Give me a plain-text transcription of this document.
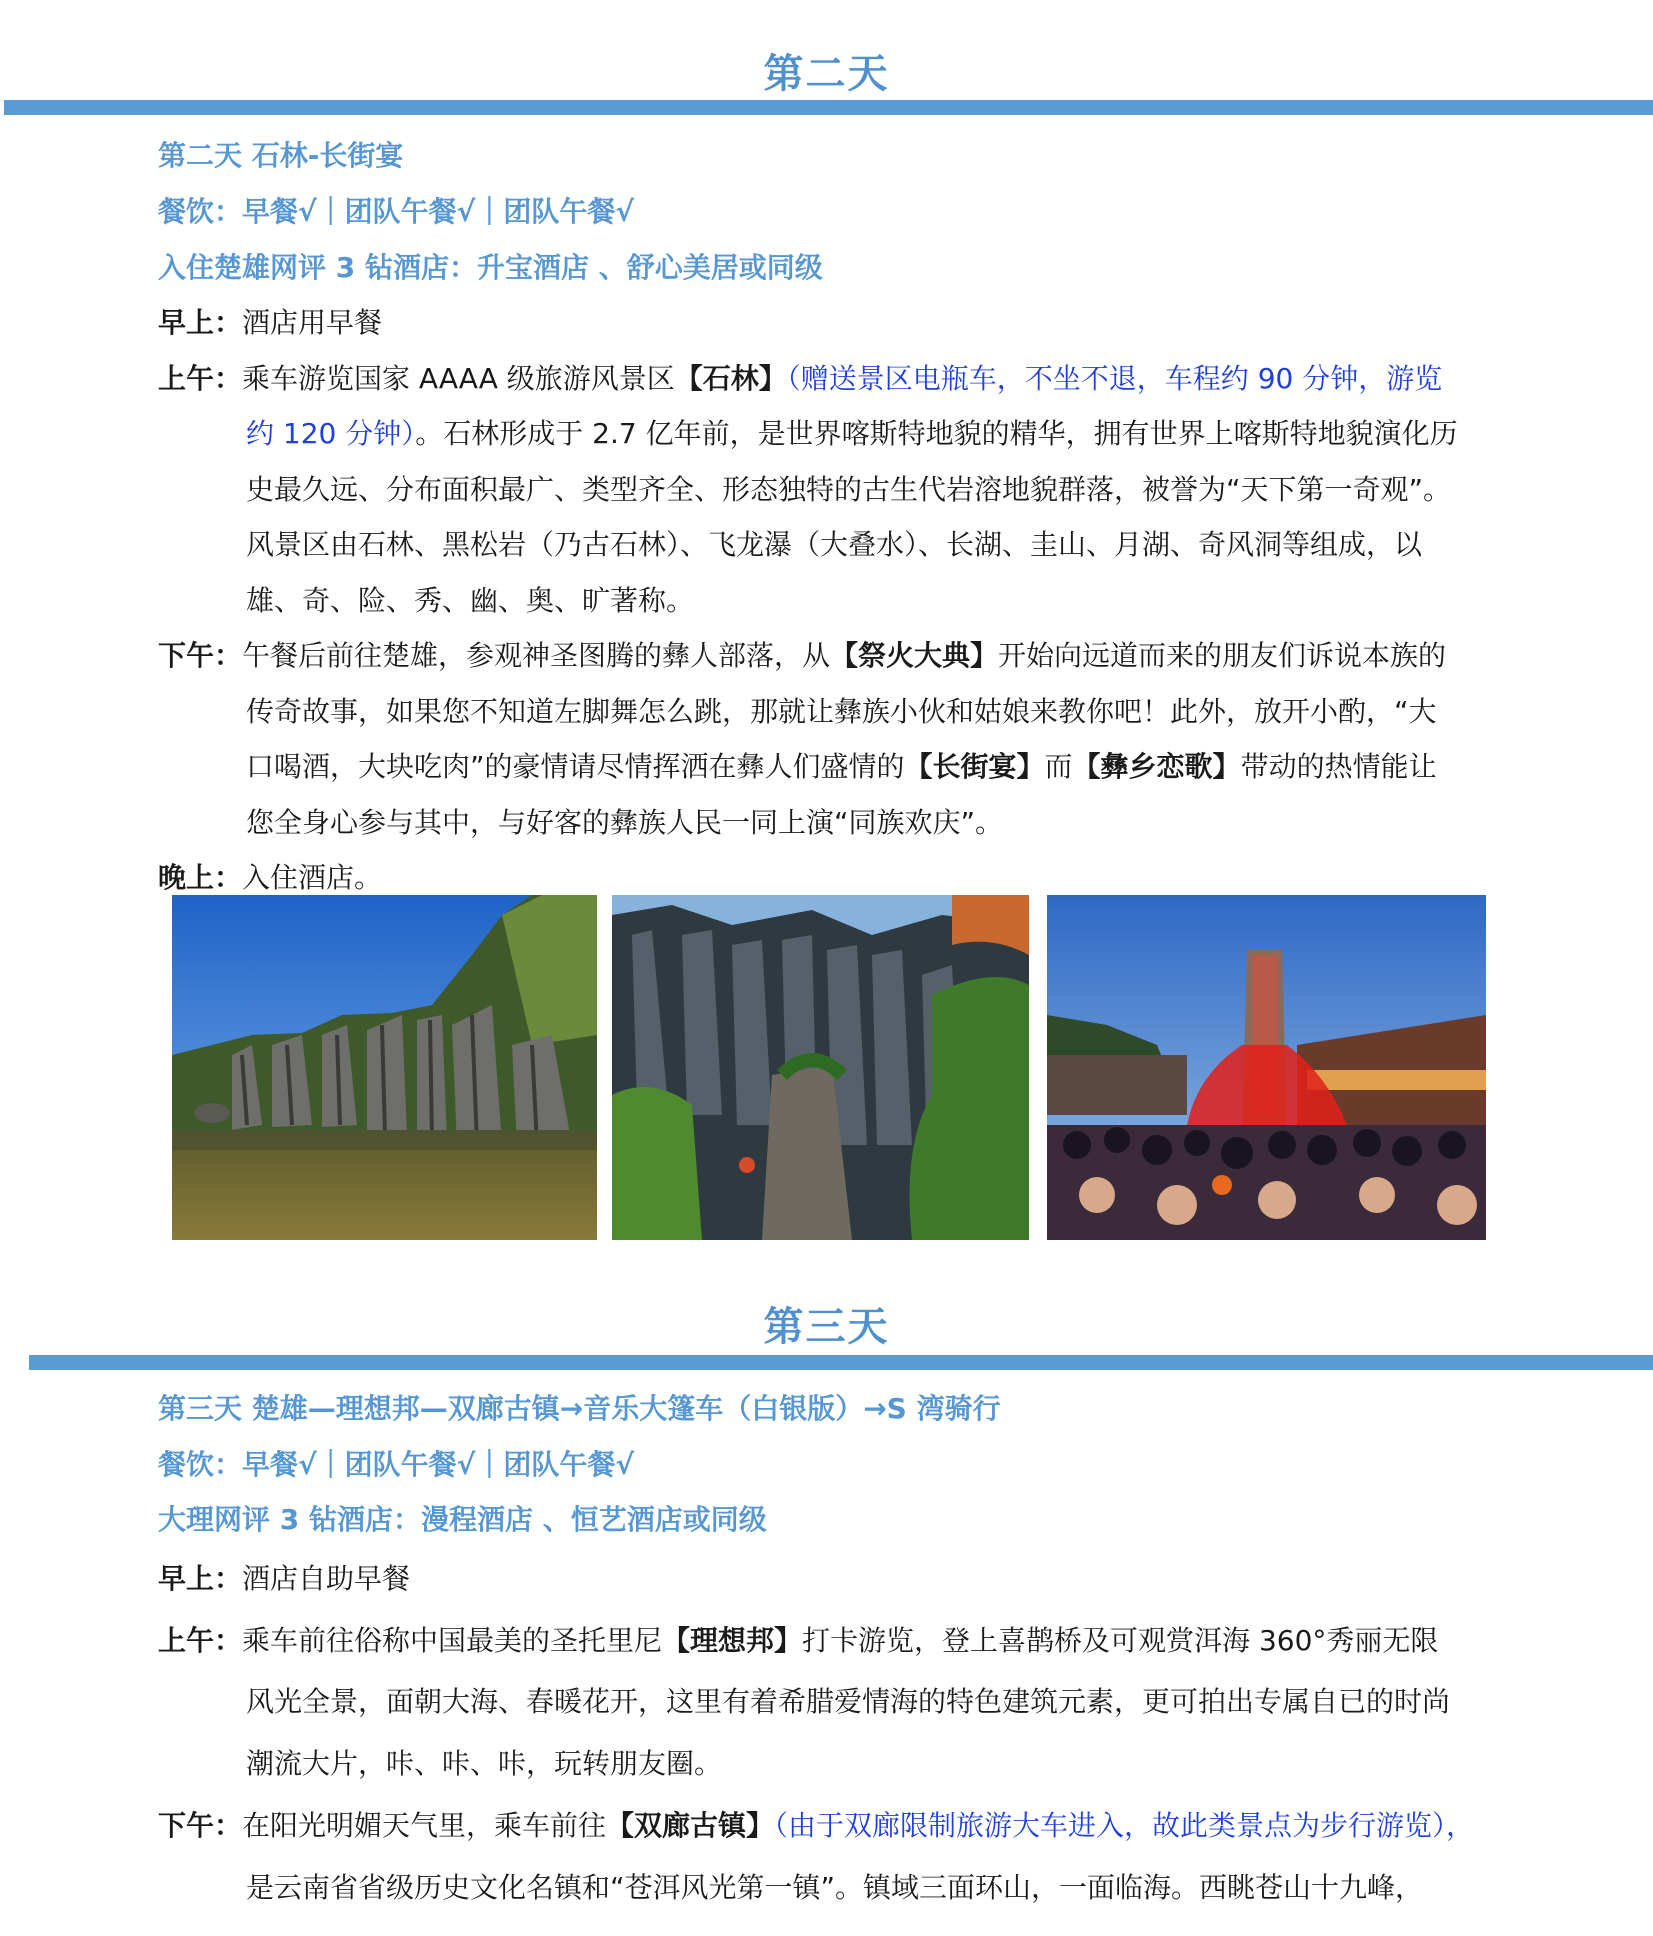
第二天
第二天 石林-长街宴
餐饮：早餐√｜团队午餐√｜团队午餐√
入住楚雄网评 3 钻酒店：升宝酒店 、舒心美居或同级
早上：酒店用早餐
上午：乘车游览国家 AAAA 级旅游风景区【石林】（赠送景区电瓶车，不坐不退，车程约 90 分钟，游览
约 120 分钟）。石林形成于 2.7 亿年前，是世界喀斯特地貌的精华，拥有世界上喀斯特地貌演化历
史最久远、分布面积最广、类型齐全、形态独特的古生代岩溶地貌群落，被誉为“天下第一奇观”。
风景区由石林、黑松岩（乃古石林）、飞龙瀑（大叠水）、长湖、圭山、月湖、奇风洞等组成，以
雄、奇、险、秀、幽、奥、旷著称。
下午：午餐后前往楚雄，参观神圣图腾的彝人部落，从【祭火大典】开始向远道而来的朋友们诉说本族的
传奇故事，如果您不知道左脚舞怎么跳，那就让彝族小伙和姑娘来教你吧！此外，放开小酌，“大
口喝酒，大块吃肉”的豪情请尽情挥洒在彝人们盛情的【长街宴】而【彝乡恋歌】带动的热情能让
您全身心参与其中，与好客的彝族人民一同上演“同族欢庆”。
晚上：入住酒店。
第三天
第三天 楚雄—理想邦—双廊古镇→音乐大篷车（白银版）→S 湾骑行
餐饮：早餐√｜团队午餐√｜团队午餐√
大理网评 3 钻酒店：漫程酒店 、恒艺酒店或同级
早上：酒店自助早餐
上午：乘车前往俗称中国最美的圣托里尼【理想邦】打卡游览，登上喜鹊桥及可观赏洱海 360°秀丽无限
风光全景，面朝大海、春暖花开，这里有着希腊爱情海的特色建筑元素，更可拍出专属自已的时尚
潮流大片，咔、咔、咔，玩转朋友圈。
下午：在阳光明媚天气里，乘车前往【双廊古镇】（由于双廊限制旅游大车进入，故此类景点为步行游览），
是云南省省级历史文化名镇和“苍洱风光第一镇”。镇域三面环山，一面临海。西眺苍山十九峰，
